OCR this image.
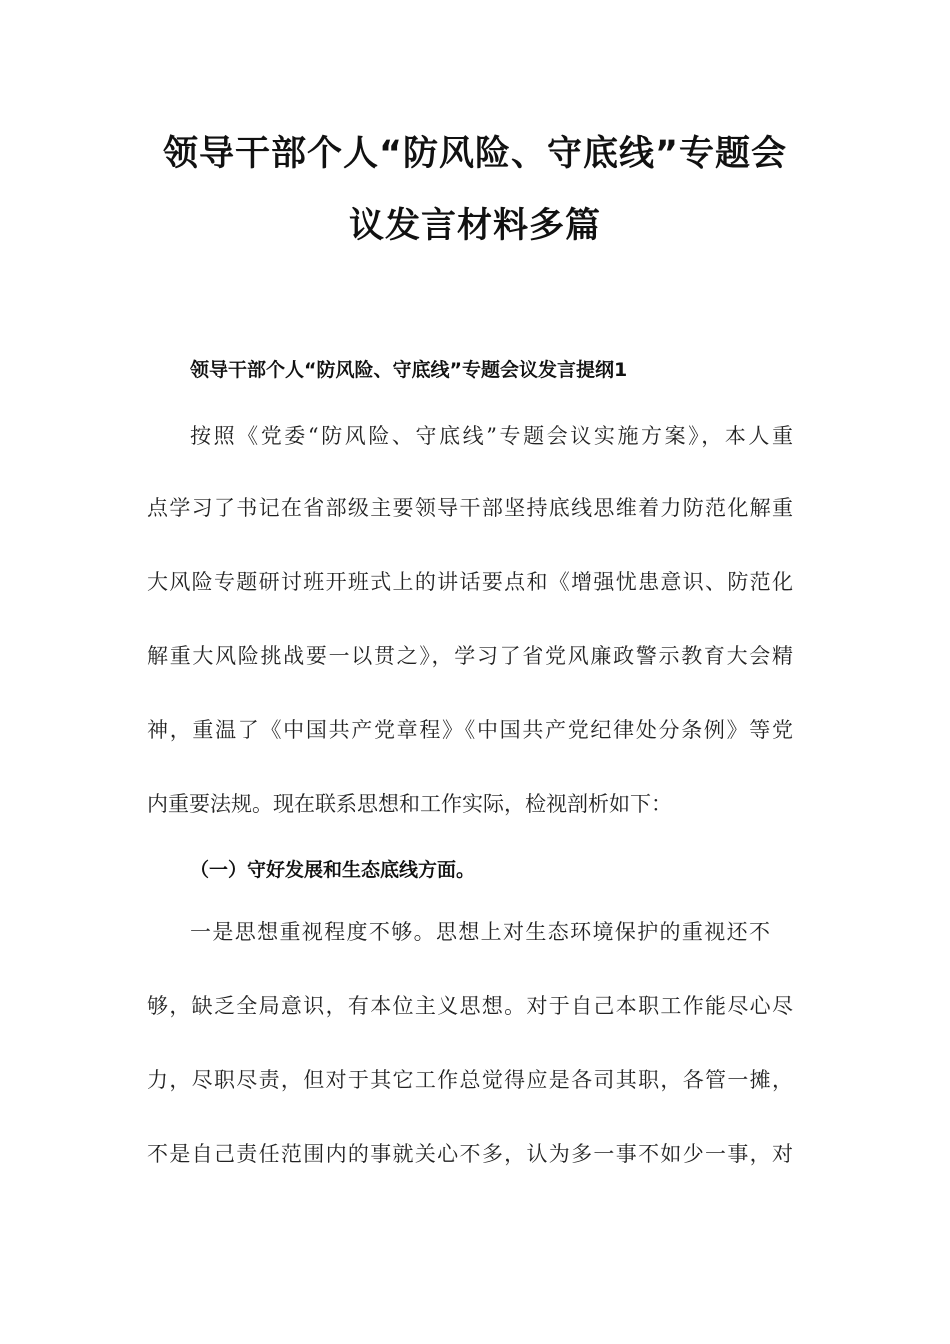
领导干部个人“防风险、守底线”专题会
议发言材料多篇
领导干部个人“防风险、守底线”专题会议发言提纲1
按照《党委“防风险、守底线”专题会议实施方案》，本人重
点学习了书记在省部级主要领导干部坚持底线思维着力防范化解重
大风险专题研讨班开班式上的讲话要点和《增强忧患意识、防范化
解重大风险挑战要一以贯之》，学习了省党风廉政警示教育大会精
神，重温了《中国共产党章程》《中国共产党纪律处分条例》等党
内重要法规。现在联系思想和工作实际，检视剖析如下：
（一）守好发展和生态底线方面。
一是思想重视程度不够。思想上对生态环境保护的重视还不
够，缺乏全局意识，有本位主义思想。对于自己本职工作能尽心尽
力，尽职尽责，但对于其它工作总觉得应是各司其职，各管一摊，
不是自己责任范围内的事就关心不多，认为多一事不如少一事，对
